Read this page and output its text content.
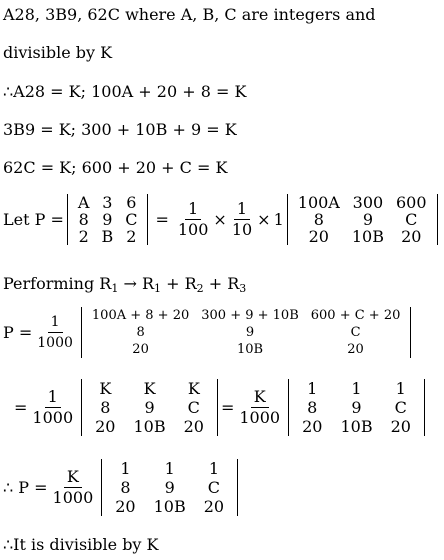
A28, 3B9, 62C where A, B, C are integers and
divisible by K
∴A28 = K; 100A + 20 + 8 = K
3B9 = K; 300 + 10B + 9 = K
62C = K; 600 + 20 + C = K
Let P =
A	3	6
8	9	C
2	B	2
= $\frac{1}{100} \times \frac{1}{10} \times 1$
100A	300	600
8	9	C
20	10B	20
Performing $R_1 \to R_1 + R_2 + R_3$
$P = \frac{1}{1000} 100A + 8 + 20$	300 + 9 + 10B	600 + C + 20
8	9	C
20	10B	20
= $\frac{1}{1000}$ K	K	K
8	9	C
20	10B	20
= $\frac{K}{1000} 1$	1	1
8	9	C
20	10B	20
∴ $P = \frac{K}{1000} 1$	1	1
8	9	C
20	10B	20
∴It is divisible by K
